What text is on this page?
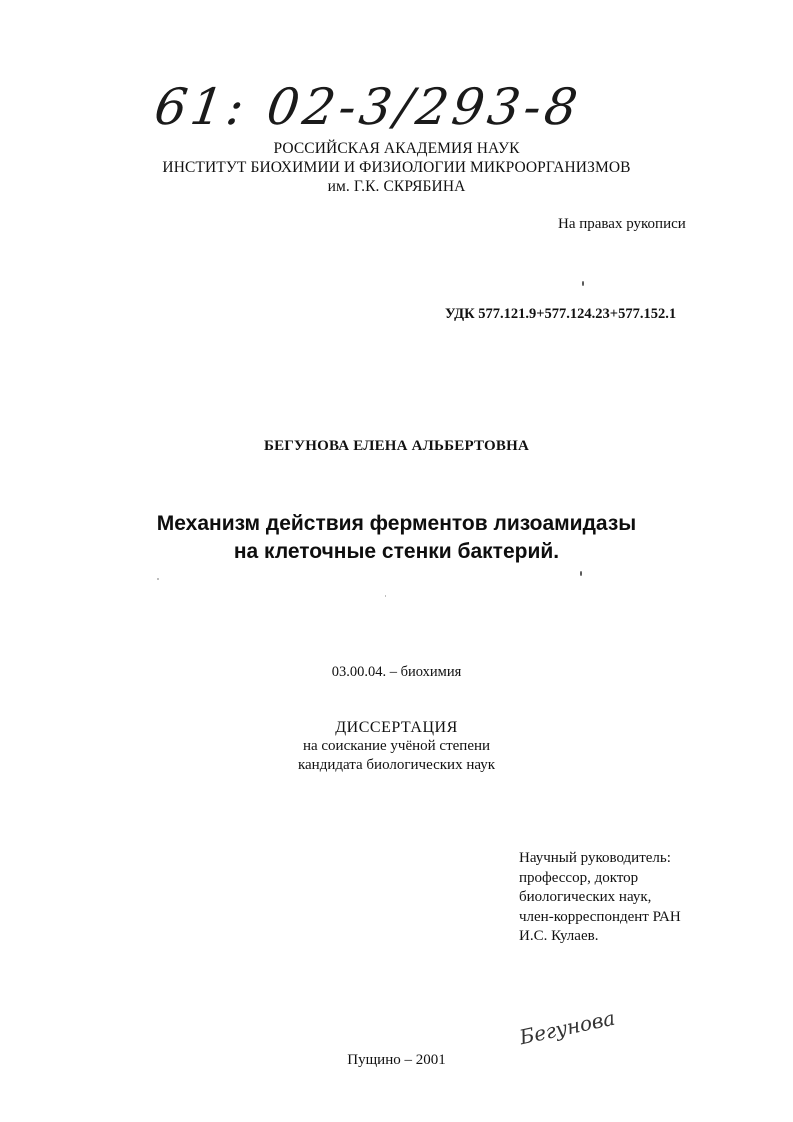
61: 02-3/293-8
РОССИЙСКАЯ АКАДЕМИЯ НАУК
ИНСТИТУТ БИОХИМИИ И ФИЗИОЛОГИИ МИКРООРГАНИЗМОВ
им. Г.К. СКРЯБИНА
На правах рукописи
УДК 577.121.9+577.124.23+577.152.1
БЕГУНОВА ЕЛЕНА АЛЬБЕРТОВНА
Механизм действия ферментов лизоамидазы
на клеточные стенки бактерий.
03.00.04. – биохимия
ДИССЕРТАЦИЯ
на соискание учёной степени
кандидата биологических наук
Научный руководитель:
профессор, доктор
биологических наук,
член-корреспондент РАН
И.С. Кулаев.
Бегунова
Пущино – 2001
